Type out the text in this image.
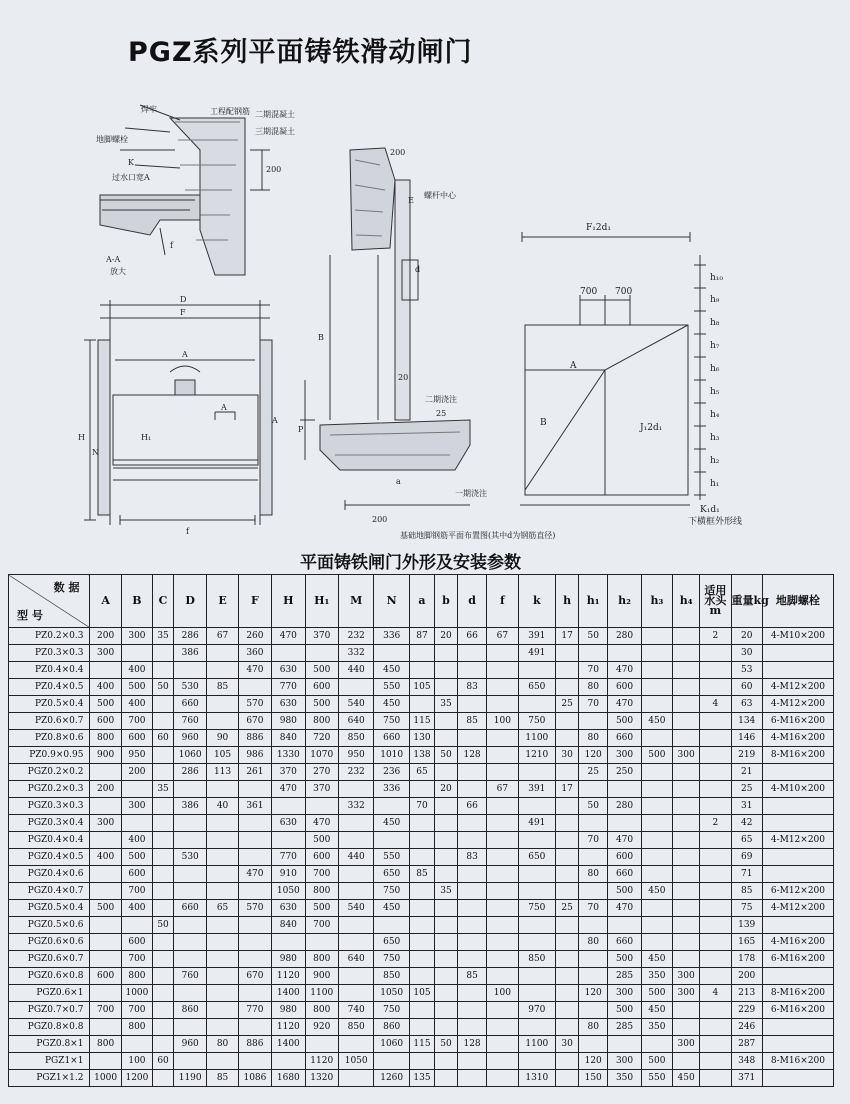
PGZ系列平面铸铁滑动闸门
焊牢	工程配钢筋 二期混凝土
三期混凝土
地脚螺栓
K
过水口宽A
200
f
A-A
放大
200
螺杆中心
E
d
B
20
P
二期浇注
25
a
一期浇注
200
基础地脚钢筋平面布置图(其中d为钢筋直径)
F₁2d₁
700 700
A
B	J₁2d₁
h₁₀
h₉
h₈
h₇
h₆
h₅
h₄
h₃
h₂
h₁
K₁d₁
下横框外形线
D
F
A
A
A
H
N
H₁
f
平面铸铁闸门外形及安装参数
数 据
型 号	A	B	C	D	E	F	H	H₁	M	N	a	b	d	f	k	h	h₁	h₂	h₃	h₄	适用水头m	重量kg	地脚螺栓
PZ0.2×0.3	200	300	35	286	67	260	470	370	232	336	87	20	66	67	391	17	50	280			2	20	4-M10×200
PZ0.3×0.3	300			386		360			332						491							30	
PZ0.4×0.4		400				470	630	500	440	450							70	470				53	
PZ0.4×0.5	400	500	50	530	85		770	600		550	105		83		650		80	600				60	4-M12×200
PZ0.5×0.4	500	400		660		570	630	500	540	450		35				25	70	470			4	63	4-M12×200
PZ0.6×0.7	600	700		760		670	980	800	640	750	115		85	100	750			500	450			134	6-M16×200
PZ0.8×0.6	800	600	60	960	90	886	840	720	850	660	130				1100		80	660				146	4-M16×200
PZ0.9×0.95	900	950		1060	105	986	1330	1070	950	1010	138	50	128		1210	30	120	300	500	300		219	8-M16×200
PGZ0.2×0.2		200		286	113	261	370	270	232	236	65						25	250				21	
PGZ0.2×0.3	200		35				470	370		336		20		67	391	17						25	4-M10×200
PGZ0.3×0.3		300		386	40	361			332		70		66				50	280				31	
PGZ0.3×0.4	300						630	470		450					491						2	42	
PGZ0.4×0.4		400						500									70	470				65	4-M12×200
PGZ0.4×0.5	400	500		530			770	600	440	550			83		650			600				69	
PGZ0.4×0.6		600				470	910	700		650	85						80	660				71	
PGZ0.4×0.7		700					1050	800		750		35						500	450			85	6-M12×200
PGZ0.5×0.4	500	400		660	65	570	630	500	540	450					750	25	70	470				75	4-M12×200
PGZ0.5×0.6			50				840	700														139	
PGZ0.6×0.6		600								650							80	660				165	4-M16×200
PGZ0.6×0.7		700					980	800	640	750					850			500	450			178	6-M16×200
PGZ0.6×0.8	600	800		760		670	1120	900		850			85					285	350	300		200	
PGZ0.6×1		1000					1400	1100		1050	105			100			120	300	500	300	4	213	8-M16×200
PGZ0.7×0.7	700	700		860		770	980	800	740	750					970			500	450			229	6-M16×200
PGZ0.8×0.8		800					1120	920	850	860							80	285	350			246	
PGZ0.8×1	800			960	80	886	1400			1060	115	50	128		1100	30				300		287	
PGZ1×1		100	60					1120	1050								120	300	500			348	8-M16×200
PGZ1×1.2	1000	1200		1190	85	1086	1680	1320		1260	135				1310		150	350	550	450		371	
